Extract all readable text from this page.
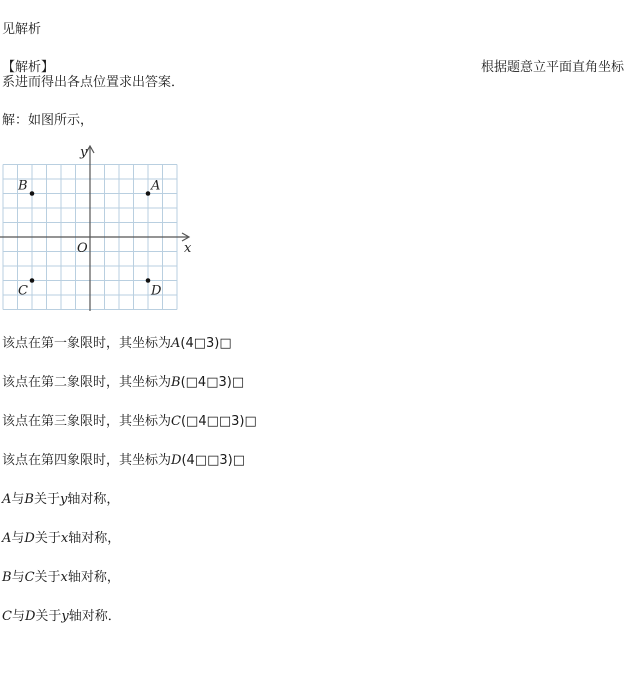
见解析
【解析】	根据题意立平面直角坐标
系进而得出各点位置求出答案．
解：如图所示，
x
y
O
A
B
C	D
该点在第一象限时，其坐标为A(4□3)□
该点在第二象限时，其坐标为B(□4□3)□
该点在第三象限时，其坐标为C(□4□□3)□
该点在第四象限时，其坐标为D(4□□3)□
A与B关于y轴对称，
A与D关于x轴对称，
B与C关于x轴对称，
C与D关于y轴对称．
